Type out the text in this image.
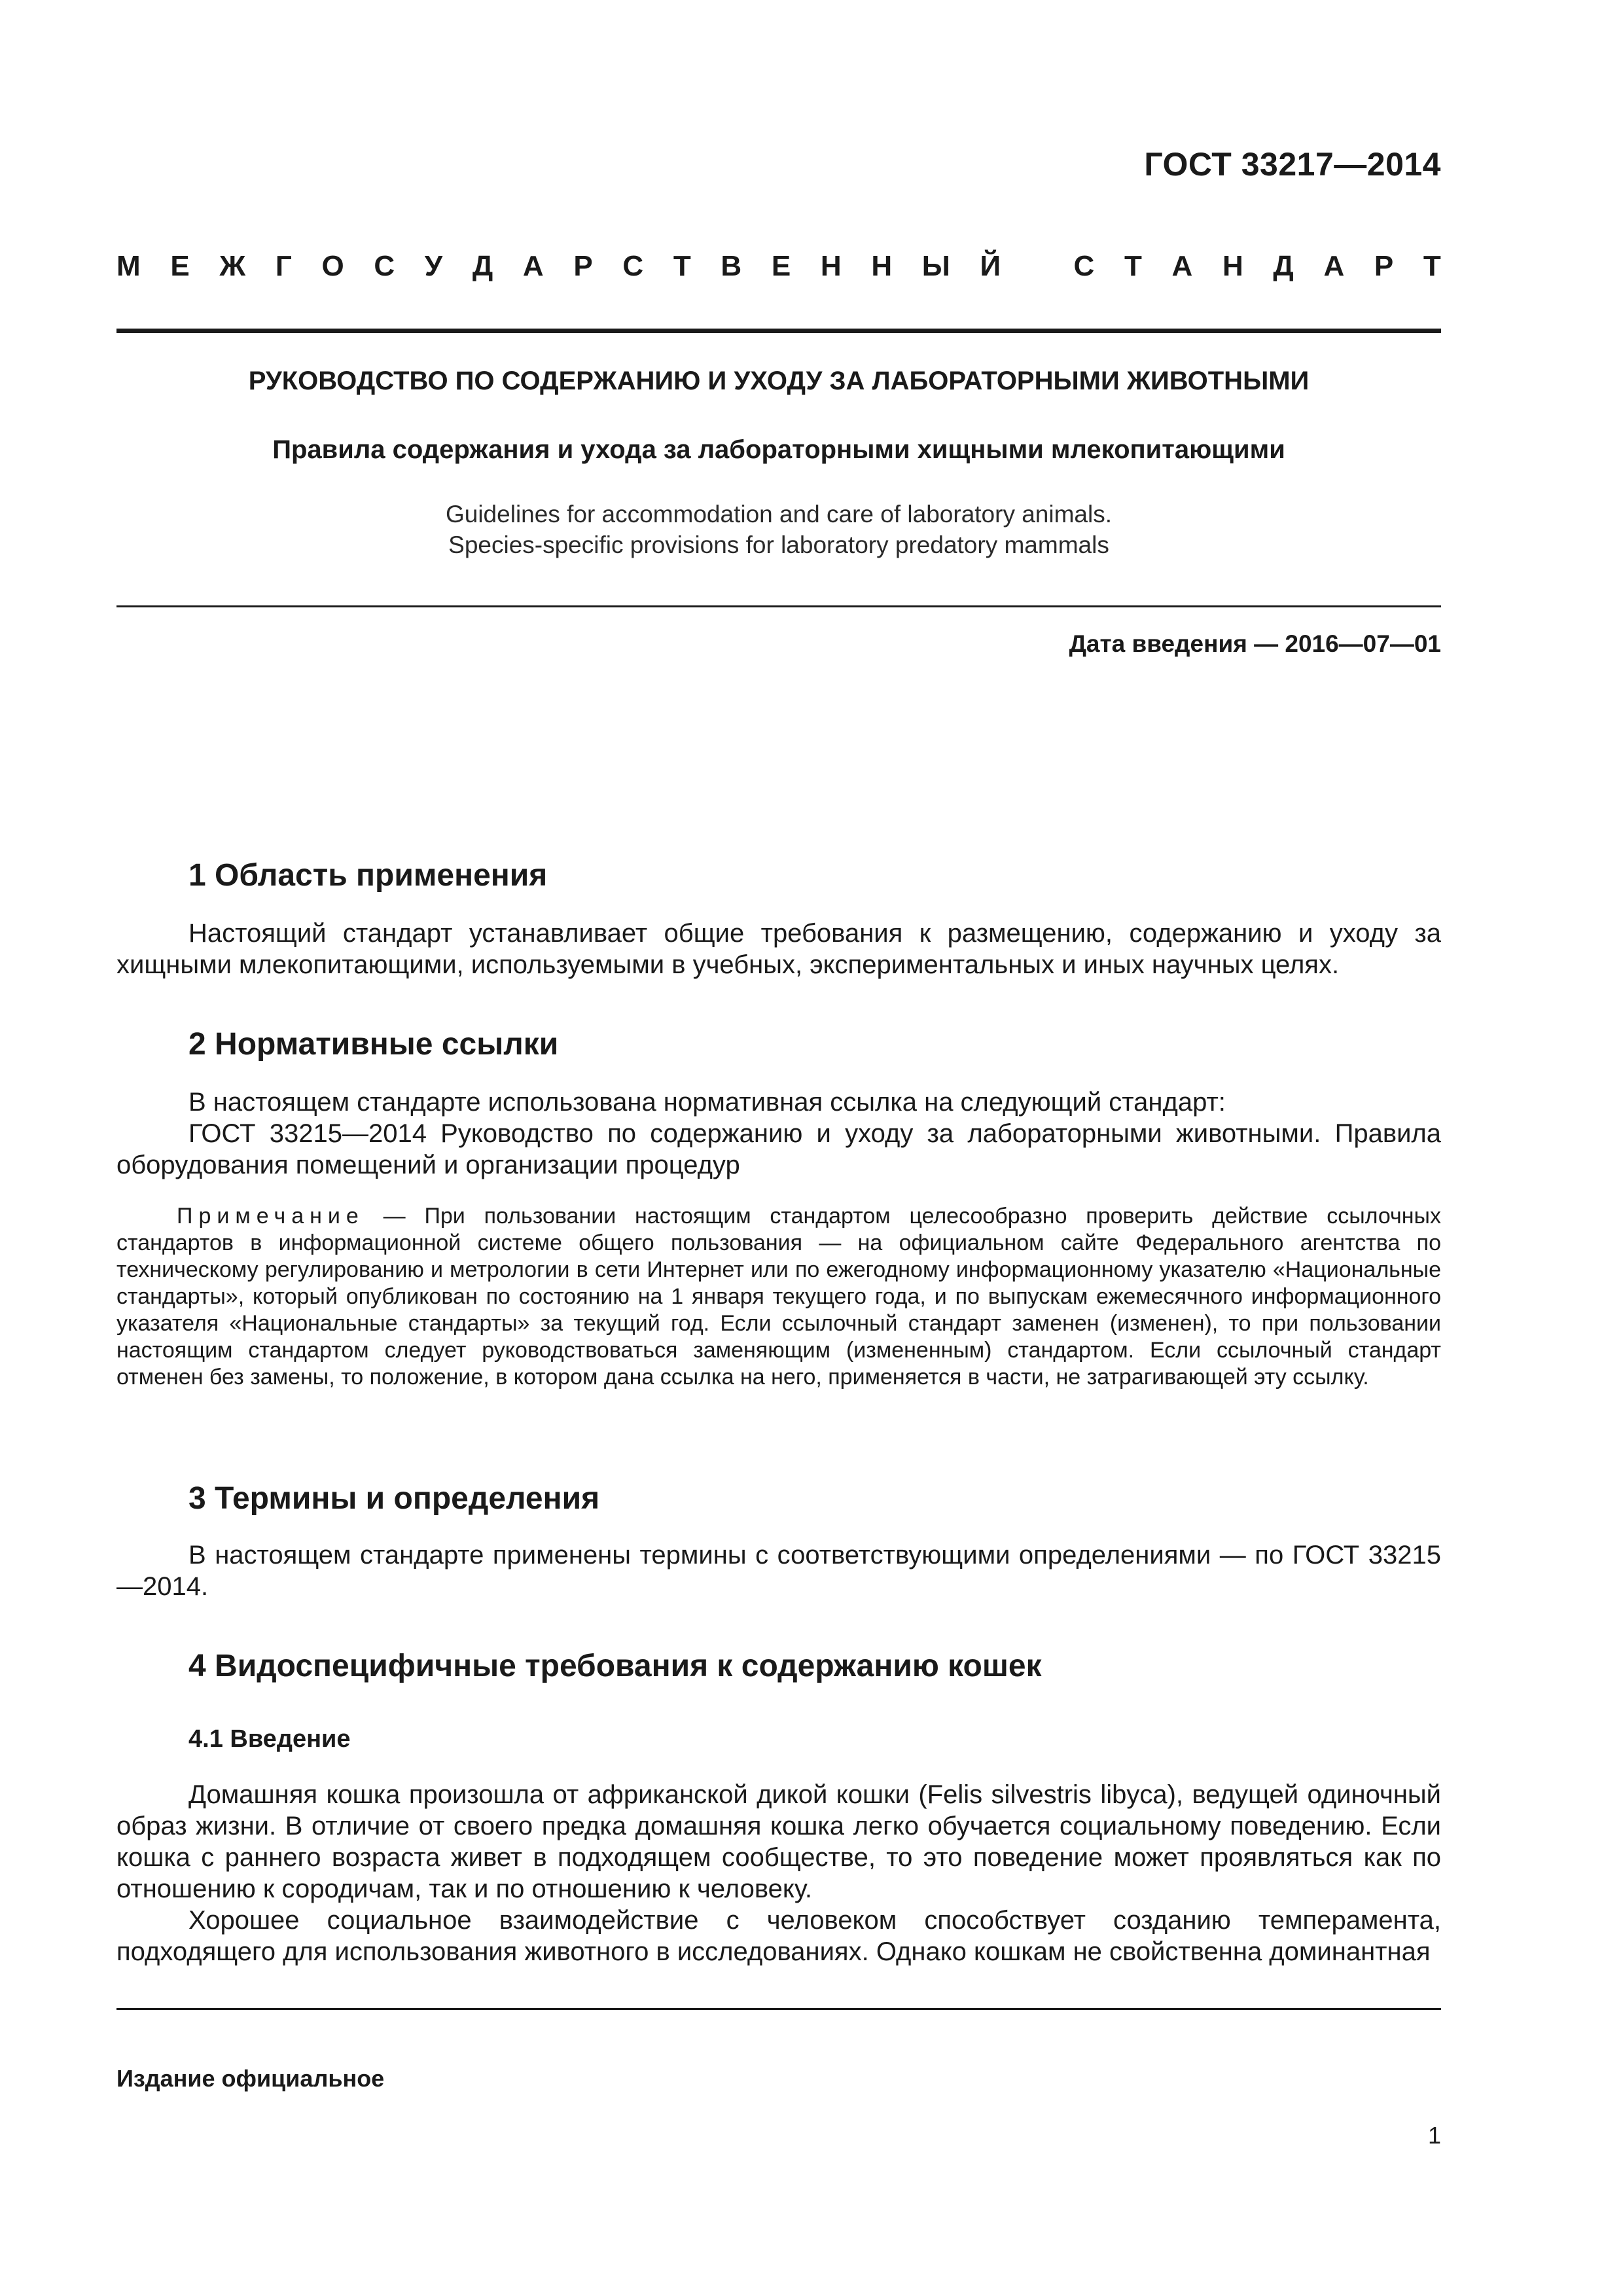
ГОСТ 33217—2014
М Е Ж Г О С У Д А Р С Т В Е Н Н Ы Й	С Т А Н Д А Р Т
РУКОВОДСТВО ПО СОДЕРЖАНИЮ И УХОДУ ЗА ЛАБОРАТОРНЫМИ ЖИВОТНЫМИ
Правила содержания и ухода за лабораторными хищными млекопитающими
Guidelines for accommodation and care of laboratory animals.
Species-specific provisions for laboratory predatory mammals
Дата введения — 2016—07—01
1 Область применения

Настоящий стандарт устанавливает общие требования к размещению, содержанию и уходу за хищными млекопитающими, используемыми в учебных, экспериментальных и иных научных целях.

2 Нормативные ссылки

В настоящем стандарте использована нормативная ссылка на следующий стандарт:

ГОСТ 33215—2014 Руководство по содержанию и уходу за лабораторными животными. Правила оборудования помещений и организации процедур

Примечание — При пользовании настоящим стандартом целесообразно проверить действие ссылочных стандартов в информационной системе общего пользования — на официальном сайте Федерального агентства по техническому регулированию и метрологии в сети Интернет или по ежегодному информационному указателю «Национальные стандарты», который опубликован по состоянию на 1 января текущего года, и по выпускам ежемесячного информационного указателя «Национальные стандарты» за текущий год. Если ссылочный стандарт заменен (изменен), то при пользовании настоящим стандартом следует руководствоваться заменяющим (измененным) стандартом. Если ссылочный стандарт отменен без замены, то положение, в котором дана ссылка на него, применяется в части, не затрагивающей эту ссылку.

3 Термины и определения

В настоящем стандарте применены термины с соответствующими определениями — по ГОСТ 33215—2014.

4 Видоспецифичные требования к содержанию кошек
4.1 Введение

Домашняя кошка произошла от африканской дикой кошки (Felis silvestris libyca), ведущей одиночный образ жизни. В отличие от своего предка домашняя кошка легко обучается социальному поведению. Если кошка с раннего возраста живет в подходящем сообществе, то это поведение может проявляться как по отношению к сородичам, так и по отношению к человеку.

Хорошее социальное взаимодействие с человеком способствует созданию темперамента, подходящего для использования животного в исследованиях. Однако кошкам не свойственна доминантная

Издание официальное
1
